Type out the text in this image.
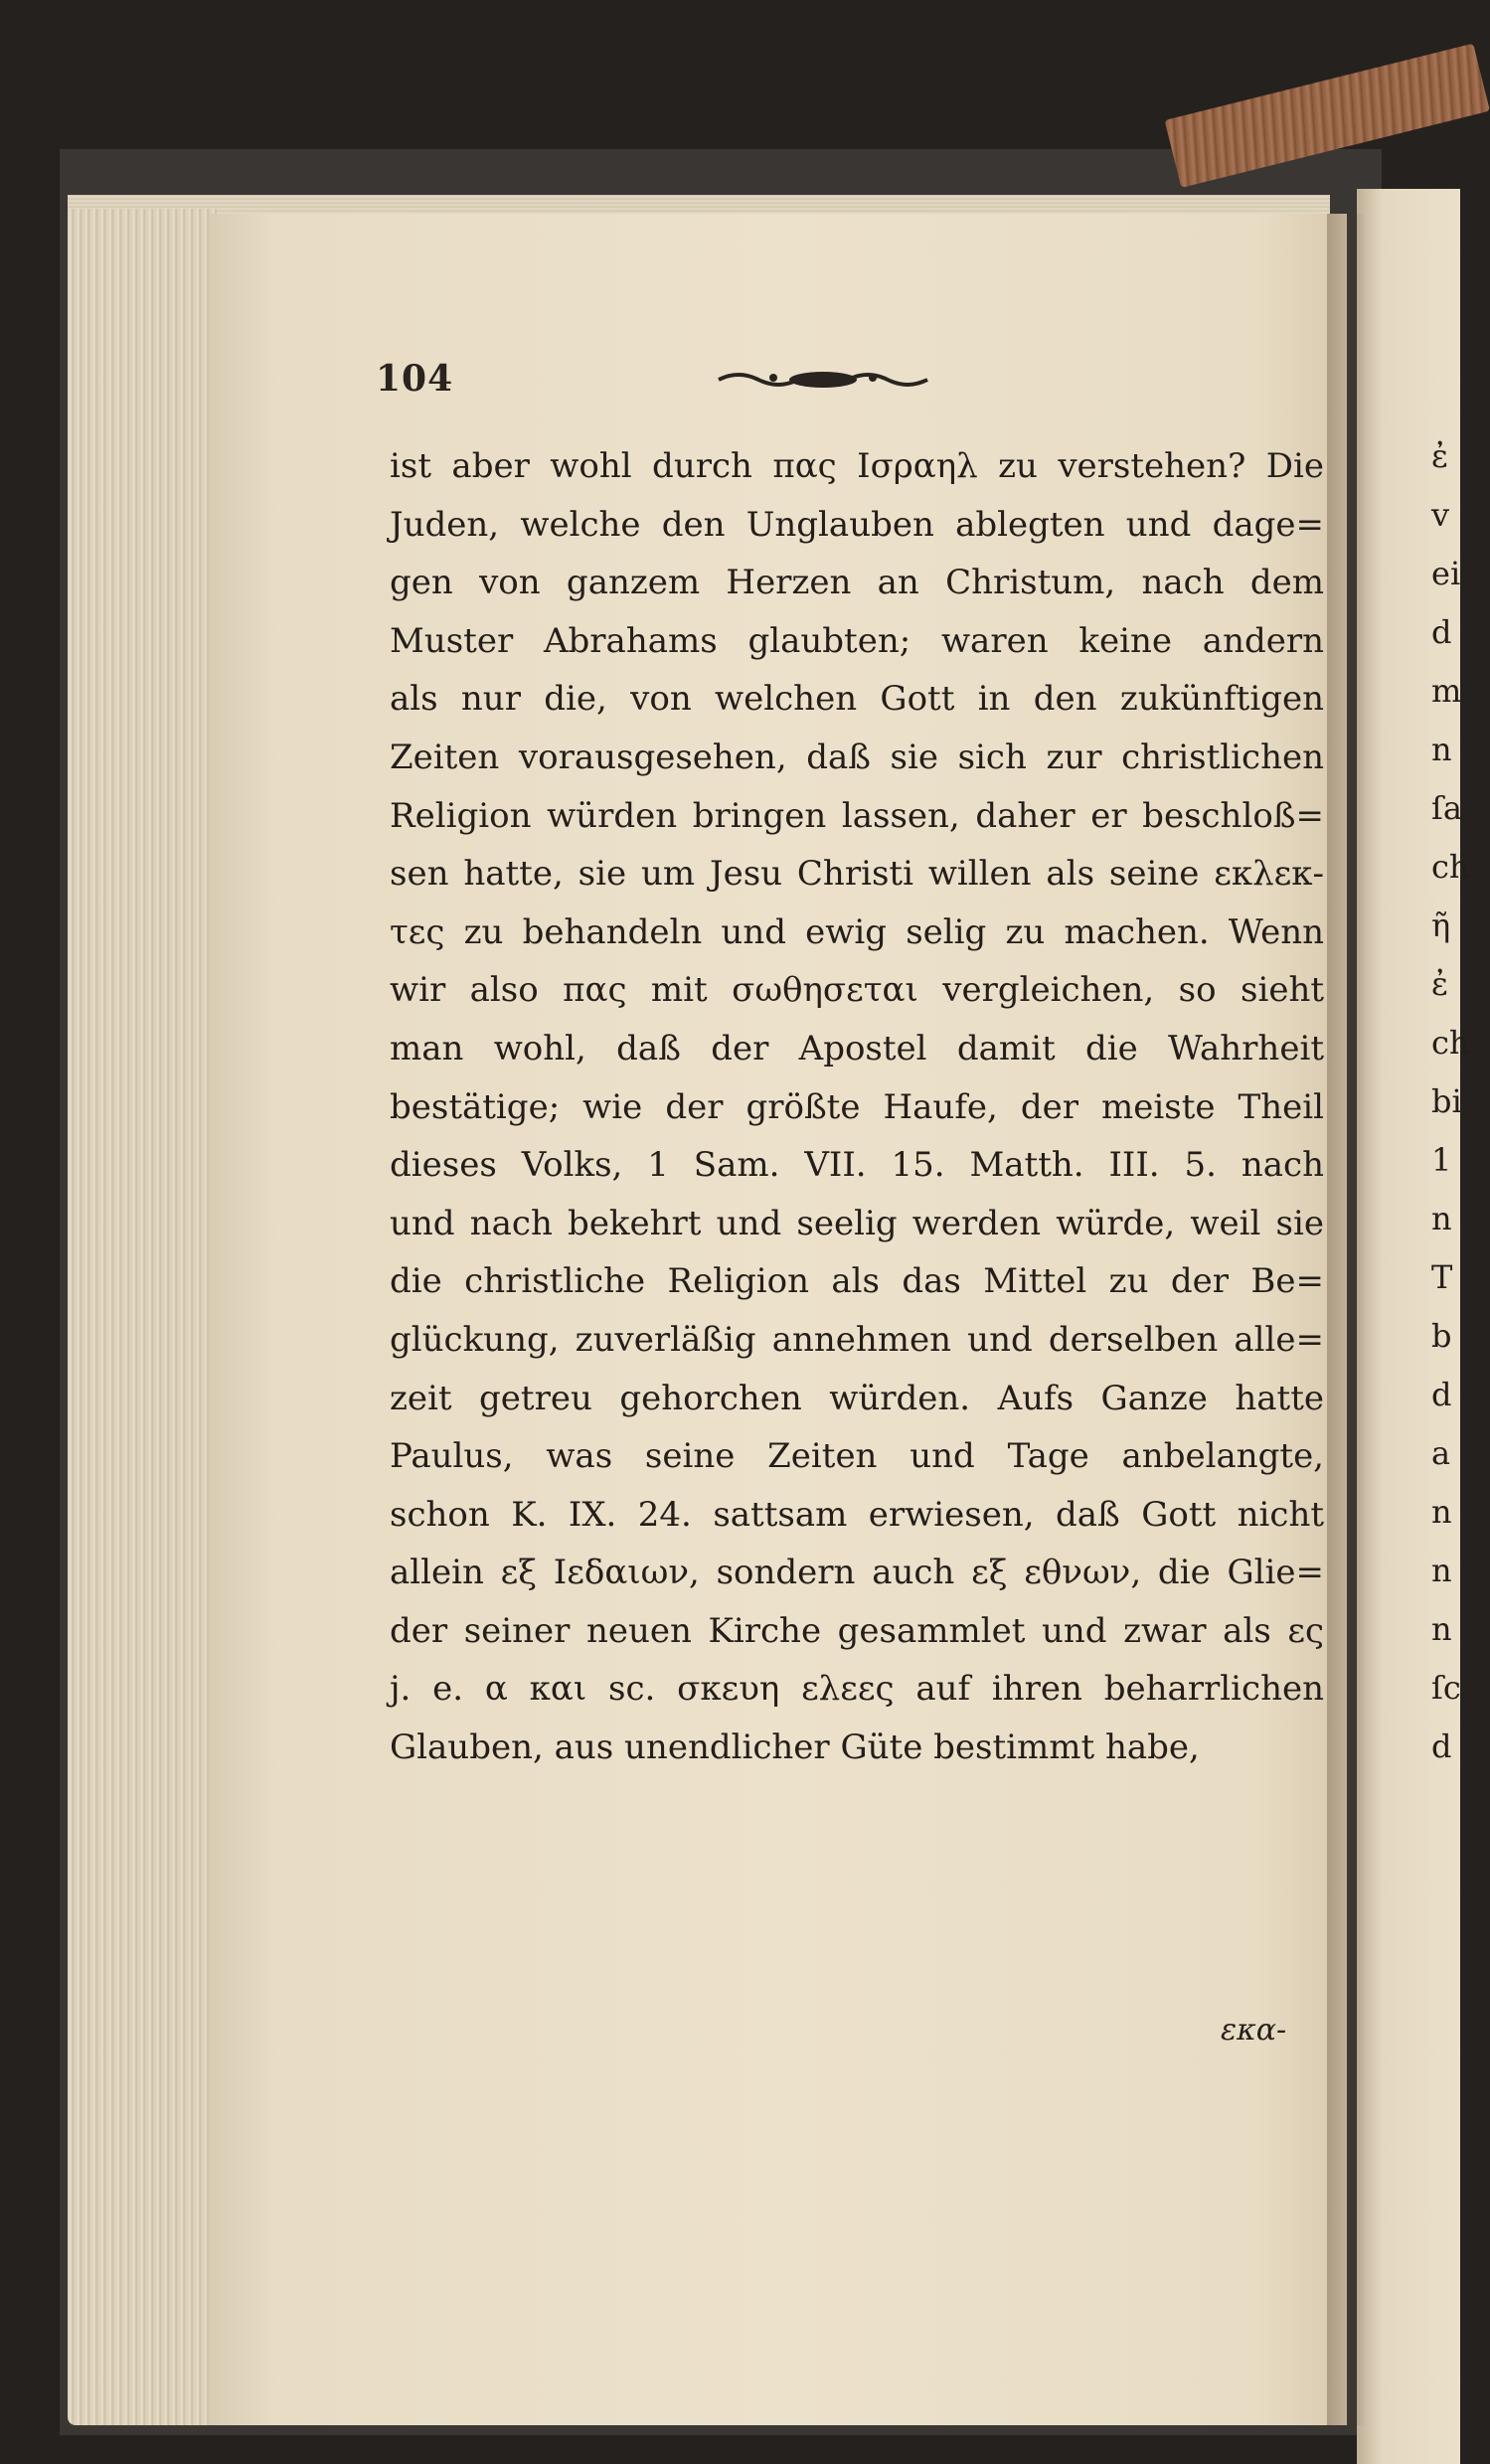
ἐ
v
ei
d
m
n
ſa
ch
ῆ
ἐ
ch
bi
1
n
T
b
d
a
n
n
n
ſc
d
104
ist aber wohl durch πας Ισραηλ zu verstehen? Die
Juden, welche den Unglauben ablegten und dage=
gen von ganzem Herzen an Christum, nach dem
Muster Abrahams glaubten; waren keine andern
als nur die, von welchen Gott in den zukünftigen
Zeiten vorausgesehen, daß sie sich zur christlichen
Religion würden bringen lassen, daher er beschloß=
sen hatte, sie um Jesu Christi willen als seine εκλεκ-
τες zu behandeln und ewig selig zu machen. Wenn
wir also πας mit σωθησεται vergleichen, so sieht
man wohl, daß der Apostel damit die Wahrheit
bestätige; wie der größte Haufe, der meiste Theil
dieses Volks, 1 Sam. VII. 15. Matth. III. 5. nach
und nach bekehrt und seelig werden würde, weil sie
die christliche Religion als das Mittel zu der Be=
glückung, zuverläßig annehmen und derselben alle=
zeit getreu gehorchen würden. Aufs Ganze hatte
Paulus, was seine Zeiten und Tage anbelangte,
schon K. IX. 24. sattsam erwiesen, daß Gott nicht
allein εξ Ιεδαιων, sondern auch εξ εθνων, die Glie=
der seiner neuen Kirche gesammlet und zwar als ες
j. e. α και sc. σκευη ελεες auf ihren beharrlichen
Glauben, aus unendlicher Güte bestimmt habe,
εκα-
